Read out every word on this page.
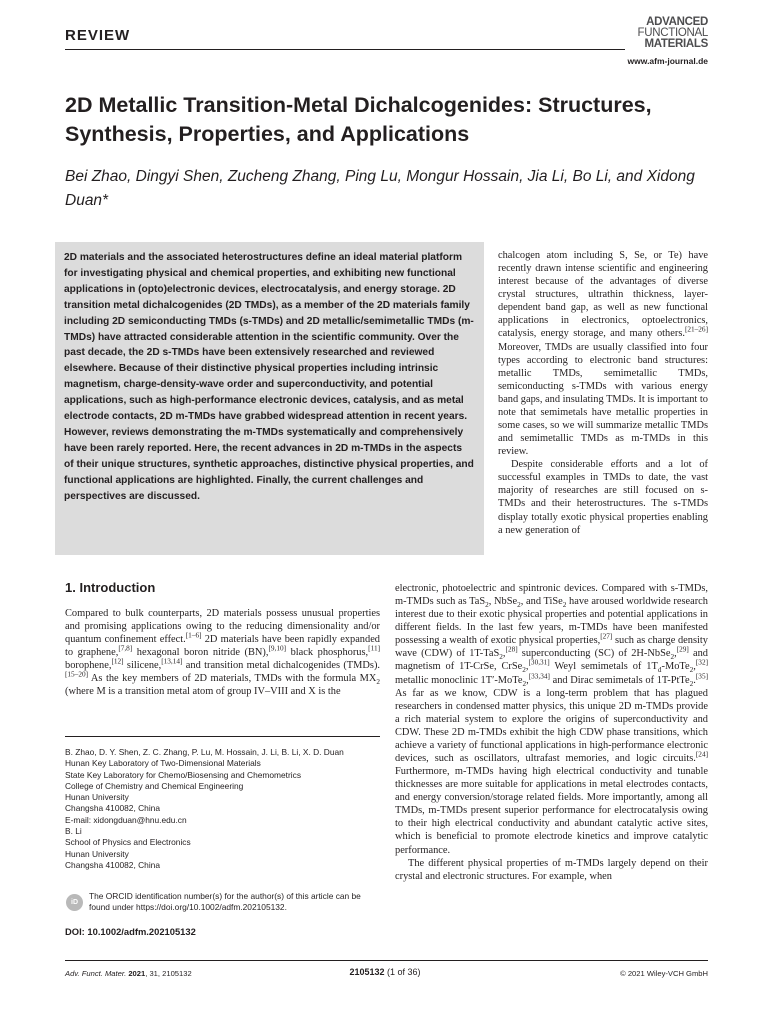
REVIEW
ADVANCED
FUNCTIONAL
MATERIALS
www.afm-journal.de
2D Metallic Transition-Metal Dichalcogenides: Structures, Synthesis, Properties, and Applications
Bei Zhao, Dingyi Shen, Zucheng Zhang, Ping Lu, Mongur Hossain, Jia Li, Bo Li, and Xidong Duan*
2D materials and the associated heterostructures define an ideal material platform for investigating physical and chemical properties, and exhibiting new functional applications in (opto)electronic devices, electrocatalysis, and energy storage. 2D transition metal dichalcogenides (2D TMDs), as a member of the 2D materials family including 2D semiconducting TMDs (s-TMDs) and 2D metallic/semimetallic TMDs (m-TMDs) have attracted considerable attention in the scientific community. Over the past decade, the 2D s-TMDs have been extensively researched and reviewed elsewhere. Because of their distinctive physical properties including intrinsic magnetism, charge-density-wave order and superconductivity, and potential applications, such as high-performance electronic devices, catalysis, and as metal electrode contacts, 2D m-TMDs have grabbed widespread attention in recent years. However, reviews demonstrating the m-TMDs systematically and comprehensively have been rarely reported. Here, the recent advances in 2D m-TMDs in the aspects of their unique structures, synthetic approaches, distinctive physical properties, and functional applications are highlighted. Finally, the current challenges and perspectives are discussed.

chalcogen atom including S, Se, or Te) have recently drawn intense scientific and engineering interest because of the advantages of diverse crystal structures, ultrathin thickness, layer-dependent band gap, as well as new functional applications in electronics, optoelectronics, catalysis, energy storage, and many others.[21–26] Moreover, TMDs are usually classified into four types according to electronic band structures: metallic TMDs, semimetallic TMDs, semiconducting s-TMDs with various energy band gaps, and insulating TMDs. It is important to note that semimetals have metallic properties in some cases, so we will summarize metallic TMDs and semimetallic TMDs as m-TMDs in this review.

Despite considerable efforts and a lot of successful examples in TMDs to date, the vast majority of researches are still focused on s-TMDs and their heterostructures. The s-TMDs display totally exotic physical properties enabling a new generation of

1. Introduction

Compared to bulk counterparts, 2D materials possess unusual properties and promising applications owing to the reducing dimensionality and/or quantum confinement effect.[1–6] 2D materials have been rapidly expanded to graphene,[7,8] hexagonal boron nitride (BN),[9,10] black phosphorus,[11] borophene,[12] silicene,[13,14] and transition metal dichalcogenides (TMDs).[15–20] As the key members of 2D materials, TMDs with the formula $MX_2$ (where M is a transition metal atom of group IV–VIII and X is the

electronic, photoelectric and spintronic devices. Compared with s-TMDs, m-TMDs such as TaS$_2$, NbSe$_2$, and TiSe$_2$ have aroused worldwide research interest due to their exotic physical properties and potential applications in different fields. In the last few years, m-TMDs have been manifested possessing a wealth of exotic physical properties,[27] such as charge density wave (CDW) of 1T-TaS$_2$,[28] superconducting (SC) of 2H-NbSe$_2$,[29] and magnetism of 1T-CrSe, CrSe$_2$,[30,31] Weyl semimetals of $1T_d-MoTe_2,[32]$ metallic monoclinic 1T′-MoTe$_2$,[33,34] and Dirac semimetals of 1T-PtTe$_2$.[35] As far as we know, CDW is a long-term problem that has plagued researchers in condensed matter physics, this unique 2D m-TMDs provide a rich material system to explore the origins of superconductivity and CDW. These 2D m-TMDs exhibit the high CDW phase transitions, which achieve a variety of functional applications in high-performance electronic devices, such as oscillators, ultrafast memories, and logic circuits.[24] Furthermore, m-TMDs having high electrical conductivity and tunable thicknesses are more suitable for applications in metal electrodes contacts, and energy conversion/storage related fields. More importantly, among all TMDs, m-TMDs present superior performance for electrocatalysis owing to their high electrical conductivity and abundant catalytic active sites, which is beneficial to promote electrode kinetics and improve catalytic performance.

The different physical properties of m-TMDs largely depend on their crystal and electronic structures. For example, when

B. Zhao, D. Y. Shen, Z. C. Zhang, P. Lu, M. Hossain, J. Li, B. Li, X. D. Duan
Hunan Key Laboratory of Two-Dimensional Materials
State Key Laboratory for Chemo/Biosensing and Chemometrics
College of Chemistry and Chemical Engineering
Hunan University
Changsha 410082, China
E-mail: xidongduan@hnu.edu.cn
B. Li
School of Physics and Electronics
Hunan University
Changsha 410082, China
iD
The ORCID identification number(s) for the author(s) of this article can be found under https://doi.org/10.1002/adfm.202105132.
DOI: 10.1002/adfm.202105132
Adv. Funct. Mater. 2021, 31, 2105132	2105132 (1 of 36)	© 2021 Wiley-VCH GmbH
